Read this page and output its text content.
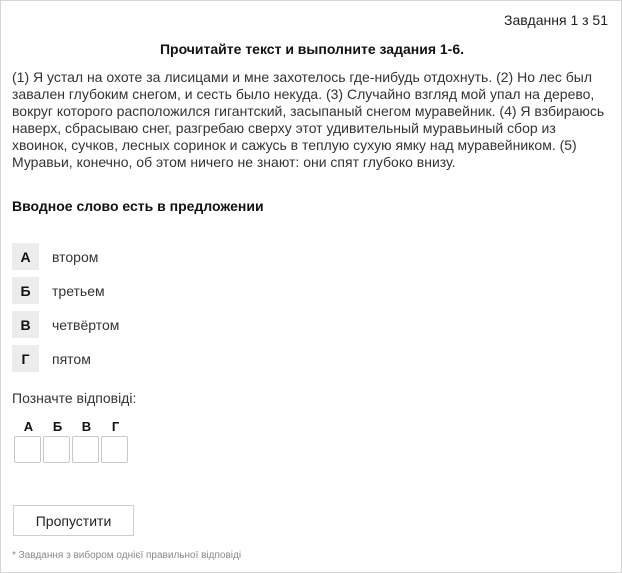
Завдання 1 з 51
Прочитайте текст и выполните задания 1-6.
(1) Я устал на охоте за лисицами и мне захотелось где-нибудь отдохнуть. (2) Но лес был завален глубоким снегом, и сесть было некуда. (3) Случайно взгляд мой упал на дерево, вокруг которого расположился гигантский, засыпаный снегом муравейник. (4) Я взбираюсь наверх, сбрасываю снег, разгребаю сверху этот удивительный муравьиный сбор из хвоинок, сучков, лесных соринок и сажусь в теплую сухую ямку над муравейником. (5) Муравьи, конечно, об этом ничего не знают: они спят глубоко внизу.
Вводное слово есть в предложении
А	втором
Б	третьем
В	четвёртом
Г	пятом
Позначте відповіді:
А	Б	В	Г
Пропустити
* Завдання з вибором однієї правильної відповіді
